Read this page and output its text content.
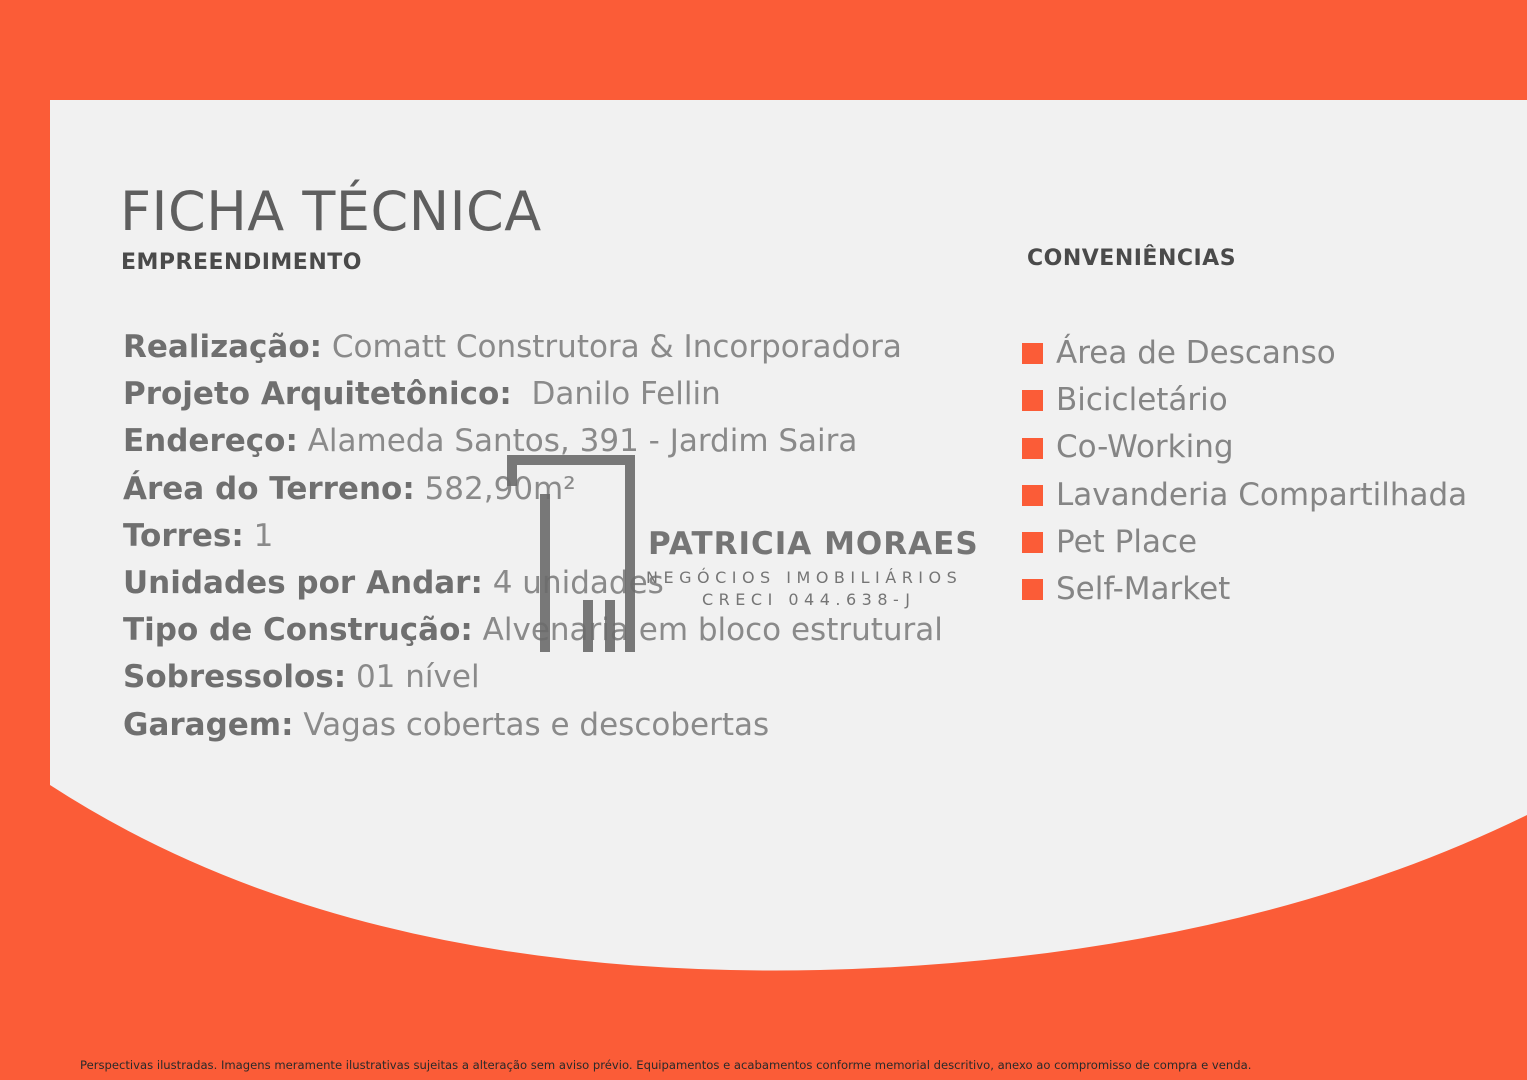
FICHA TÉCNICA
EMPREENDIMENTO	CONVENIÊNCIAS
Realização: Comatt Construtora & Incorporadora
Projeto Arquitetônico:  Danilo Fellin
Endereço: Alameda Santos, 391 - Jardim Saira
Área do Terreno: 582,90m²
Torres: 1
Unidades por Andar: 4 unidades
Tipo de Construção: Alvenaria em bloco estrutural
Sobressolos: 01 nível
Garagem: Vagas cobertas e descobertas
Área de Descanso
Bicicletário
Co-Working
Lavanderia Compartilhada
Pet Place
Self-Market
PATRICIA MORAES
NEGÓCIOS IMOBILIÁRIOS
CRECI 044.638-J

Perspectivas ilustradas. Imagens meramente ilustrativas sujeitas a alteração sem aviso prévio. Equipamentos e acabamentos conforme memorial descritivo, anexo ao compromisso de compra e venda.
